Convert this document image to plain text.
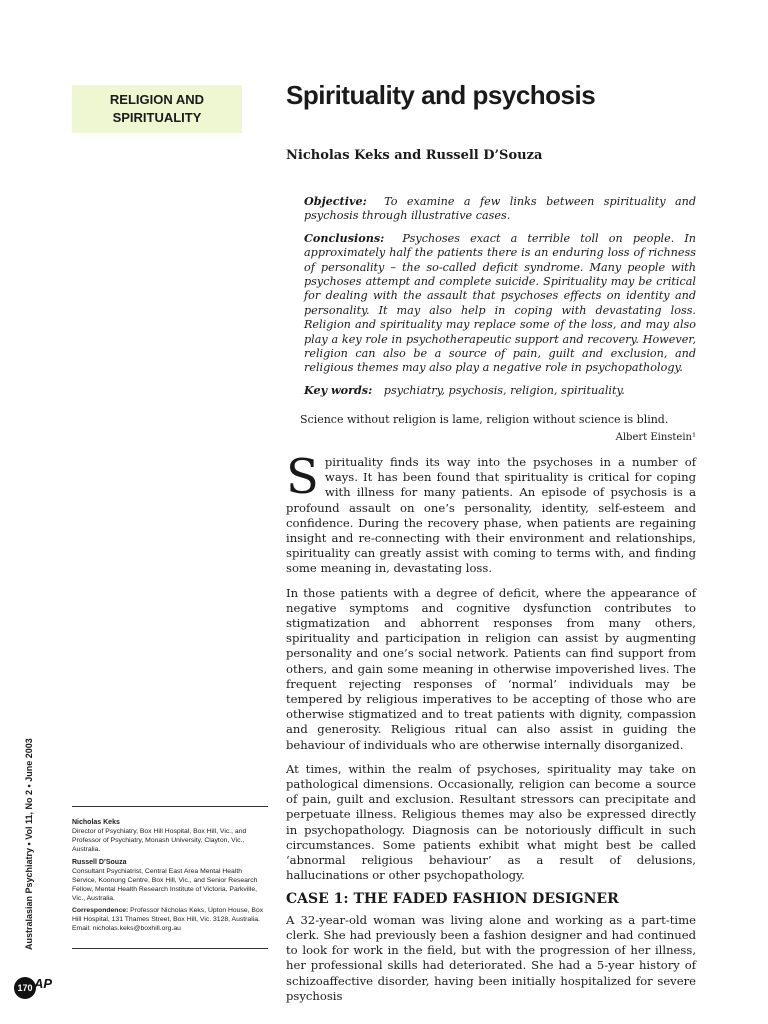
RELIGION AND
SPIRITUALITY
Spirituality and psychosis

Nicholas Keks and Russell D’Souza

Objective: To examine a few links between spirituality and psychosis through illustrative cases.

Conclusions: Psychoses exact a terrible toll on people. In approximately half the patients there is an enduring loss of richness of personality – the so-called deficit syndrome. Many people with psychoses attempt and complete suicide. Spirituality may be critical for dealing with the assault that psychoses effects on identity and personality. It may also help in coping with devastating loss. Religion and spirituality may replace some of the loss, and may also play a key role in psychotherapeutic support and recovery. However, religion can also be a source of pain, guilt and exclusion, and religious themes may also play a negative role in psychopathology.

Key words: psychiatry, psychosis, religion, spirituality.

Science without religion is lame, religion without science is blind.
Albert Einstein¹

Spirituality finds its way into the psychoses in a number of ways. It has been found that spirituality is critical for coping with illness for many patients. An episode of psychosis is a profound assault on one’s personality, identity, self-esteem and confidence. During the recovery phase, when patients are regaining insight and re-connecting with their environment and relationships, spirituality can greatly assist with coming to terms with, and finding some meaning in, devastating loss.

In those patients with a degree of deficit, where the appearance of negative symptoms and cognitive dysfunction contributes to stigmatization and abhorrent responses from many others, spirituality and participation in religion can assist by augmenting personality and one’s social network. Patients can find support from others, and gain some meaning in otherwise impoverished lives. The frequent rejecting responses of ‘normal’ individuals may be tempered by religious imperatives to be accepting of those who are otherwise stigmatized and to treat patients with dignity, compassion and generosity. Religious ritual can also assist in guiding the behaviour of individuals who are otherwise internally disorganized.

At times, within the realm of psychoses, spirituality may take on pathological dimensions. Occasionally, religion can become a source of pain, guilt and exclusion. Resultant stressors can precipitate and perpetuate illness. Religious themes may also be expressed directly in psychopathology. Diagnosis can be notoriously difficult in such circumstances. Some patients exhibit what might best be called ‘abnormal religious behaviour’ as a result of delusions, hallucinations or other psychopathology.

CASE 1: THE FADED FASHION DESIGNER

A 32-year-old woman was living alone and working as a part-time clerk. She had previously been a fashion designer and had continued to look for work in the field, but with the progression of her illness, her professional skills had deteriorated. She had a 5-year history of schizoaffective disorder, having been initially hospitalized for severe psychosis

Australasian Psychiatry • Vol 11, No 2 • June 2003	Nicholas Keks
Director of Psychiatry, Box Hill Hospital, Box Hill, Vic., and Professor of Psychiatry, Monash University, Clayton, Vic., Australia.
Russell D’Souza
Consultant Psychiatrist, Central East Area Mental Health Service, Koonung Centre, Box Hill, Vic., and Senior Research Fellow, Mental Health Research Institute of Victoria, Parkville, Vic., Australia.
Correspondence: Professor Nicholas Keks, Upton House, Box Hill Hospital, 131 Thames Street, Box Hill, Vic. 3128, Australia. Email: nicholas.keks@boxhill.org.au
170 AP
